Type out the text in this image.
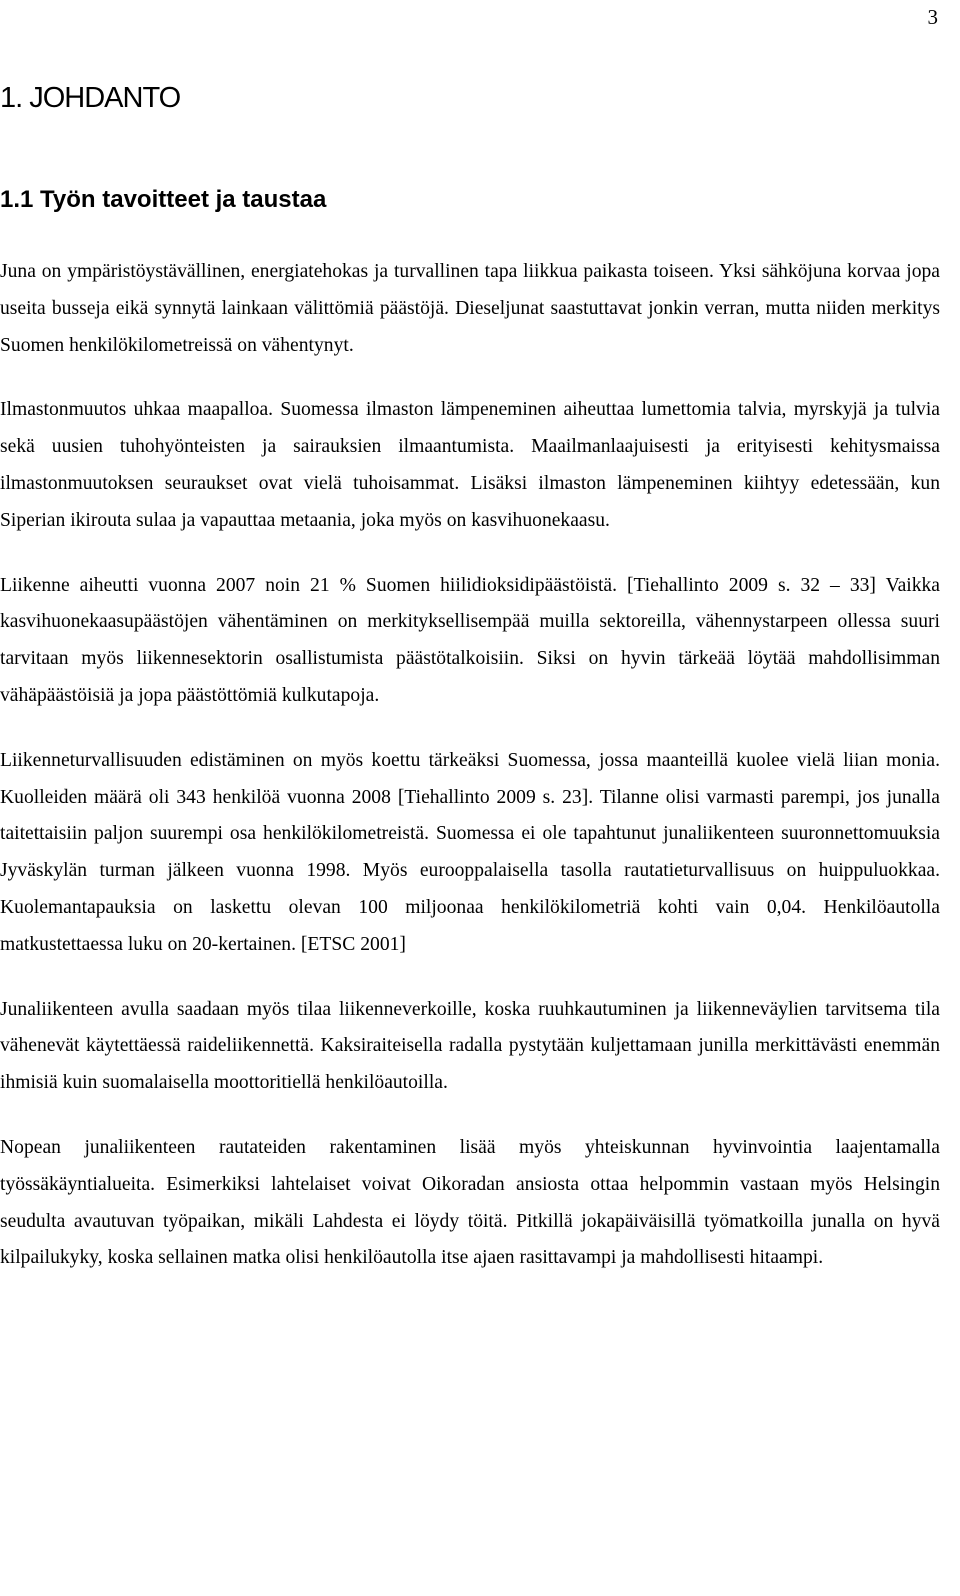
3
1. JOHDANTO
1.1 Työn tavoitteet ja taustaa

Juna on ympäristöystävällinen, energiatehokas ja turvallinen tapa liikkua paikasta toiseen. Yksi sähköjuna korvaa jopa useita busseja eikä synnytä lainkaan välittömiä päästöjä. Dieseljunat saastuttavat jonkin verran, mutta niiden merkitys Suomen henkilökilometreissä on vähentynyt.

Ilmastonmuutos uhkaa maapalloa. Suomessa ilmaston lämpeneminen aiheuttaa lumettomia talvia, myrskyjä ja tulvia sekä uusien tuhohyönteisten ja sairauksien ilmaantumista. Maailmanlaajuisesti ja erityisesti kehitysmaissa ilmastonmuutoksen seuraukset ovat vielä tuhoisammat. Lisäksi ilmaston lämpeneminen kiihtyy edetessään, kun Siperian ikirouta sulaa ja vapauttaa metaania, joka myös on kasvihuonekaasu.

Liikenne aiheutti vuonna 2007 noin 21 % Suomen hiilidioksidipäästöistä. [Tiehallinto 2009 s. 32 – 33] Vaikka kasvihuonekaasupäästöjen vähentäminen on merkityksellisempää muilla sektoreilla, vähennystarpeen ollessa suuri tarvitaan myös liikennesektorin osallistumista päästötalkoisiin. Siksi on hyvin tärkeää löytää mahdollisimman vähäpäästöisiä ja jopa päästöttömiä kulkutapoja.

Liikenneturvallisuuden edistäminen on myös koettu tärkeäksi Suomessa, jossa maanteillä kuolee vielä liian monia. Kuolleiden määrä oli 343 henkilöä vuonna 2008 [Tiehallinto 2009 s. 23]. Tilanne olisi varmasti parempi, jos junalla taitettaisiin paljon suurempi osa henkilökilometreistä. Suomessa ei ole tapahtunut junaliikenteen suuronnettomuuksia Jyväskylän turman jälkeen vuonna 1998. Myös eurooppalaisella tasolla rautatieturvallisuus on huippuluokkaa. Kuolemantapauksia on laskettu olevan 100 miljoonaa henkilökilometriä kohti vain 0,04. Henkilöautolla matkustettaessa luku on 20-kertainen. [ETSC 2001]

Junaliikenteen avulla saadaan myös tilaa liikenneverkoille, koska ruuhkautuminen ja liikenneväylien tarvitsema tila vähenevät käytettäessä raideliikennettä. Kaksiraiteisella radalla pystytään kuljettamaan junilla merkittävästi enemmän ihmisiä kuin suomalaisella moottoritiellä henkilöautoilla.

Nopean junaliikenteen rautateiden rakentaminen lisää myös yhteiskunnan hyvinvointia laajentamalla työssäkäyntialueita. Esimerkiksi lahtelaiset voivat Oikoradan ansiosta ottaa helpommin vastaan myös Helsingin seudulta avautuvan työpaikan, mikäli Lahdesta ei löydy töitä. Pitkillä jokapäiväisillä työmatkoilla junalla on hyvä kilpailukyky, koska sellainen matka olisi henkilöautolla itse ajaen rasittavampi ja mahdollisesti hitaampi.
